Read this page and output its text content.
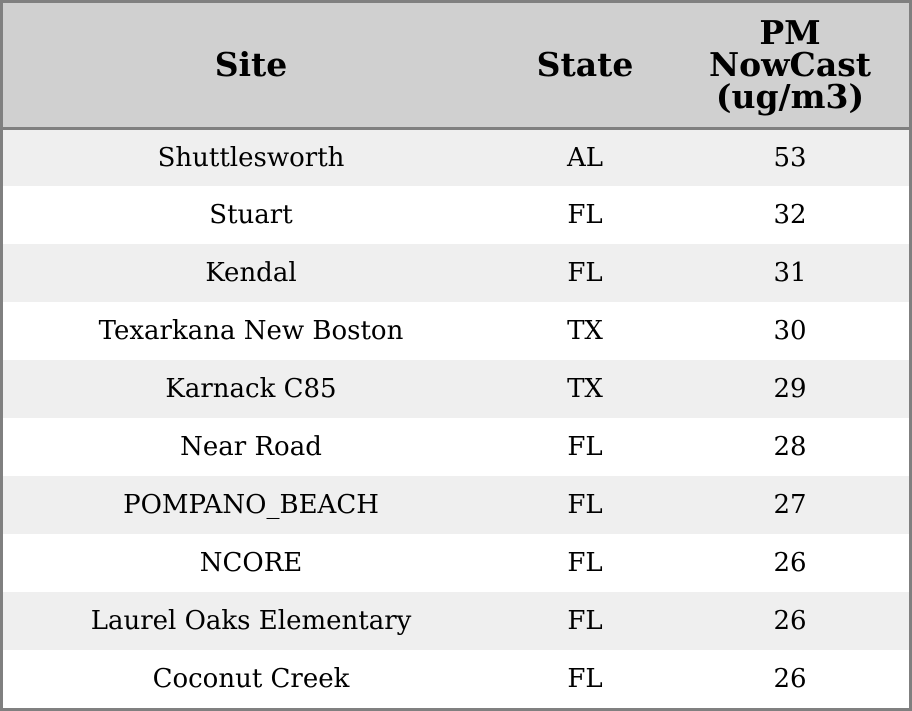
Site	State	PM
NowCast
(ug/m3)

Shuttlesworth	AL	53
Stuart	FL	32
Kendal	FL	31
Texarkana New Boston	TX	30
Karnack C85	TX	29
Near Road	FL	28
POMPANO_BEACH	FL	27
NCORE	FL	26
Laurel Oaks Elementary	FL	26
Coconut Creek	FL	26
